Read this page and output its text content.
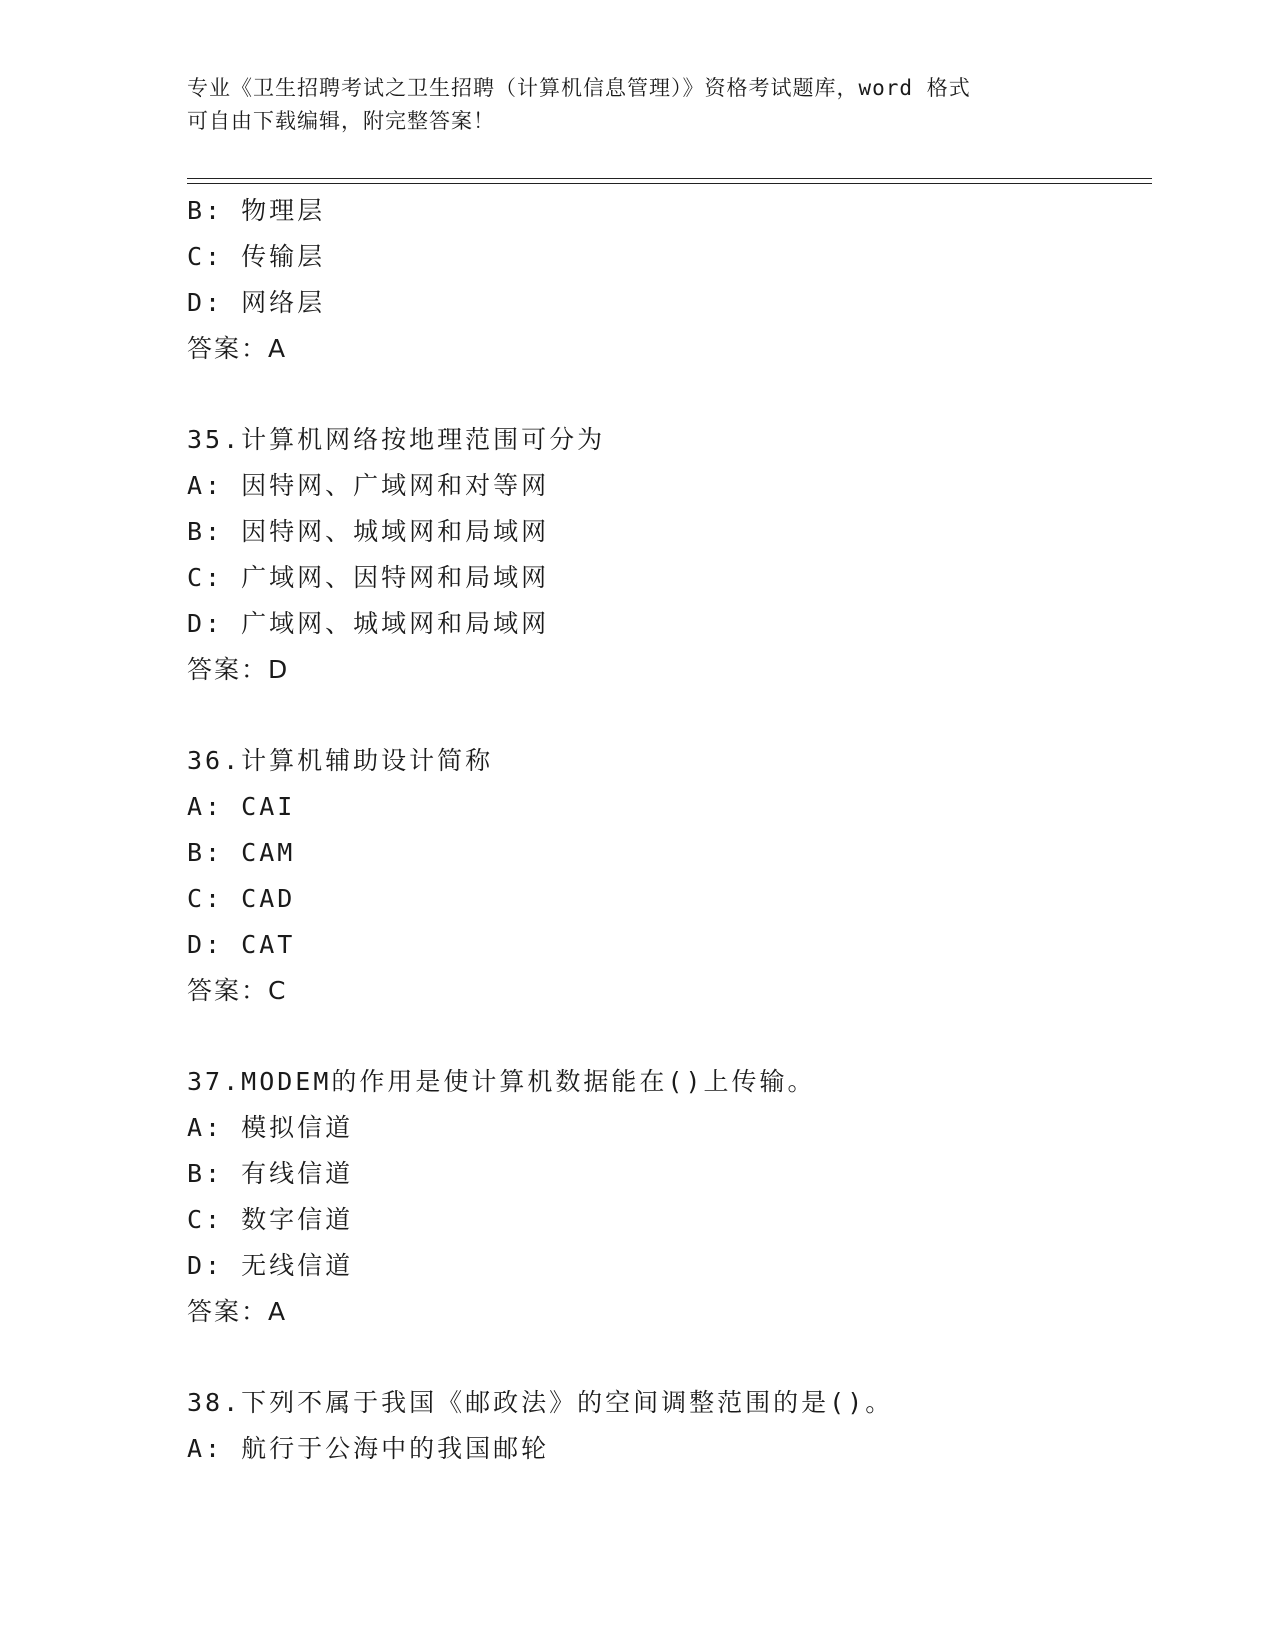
专业《卫生招聘考试之卫生招聘（计算机信息管理）》资格考试题库，word 格式
可自由下载编辑，附完整答案！
B: 物理层
C: 传输层
D: 网络层
答案：A
35.计算机网络按地理范围可分为
A: 因特网、广域网和对等网
B: 因特网、城域网和局域网
C: 广域网、因特网和局域网
D: 广域网、城域网和局域网
答案：D
36.计算机辅助设计简称
A: CAI
B: CAM
C: CAD
D: CAT
答案：C
37.MODEM的作用是使计算机数据能在()上传输。
A: 模拟信道
B: 有线信道
C: 数字信道
D: 无线信道
答案：A
38.下列不属于我国《邮政法》的空间调整范围的是()。
A: 航行于公海中的我国邮轮
